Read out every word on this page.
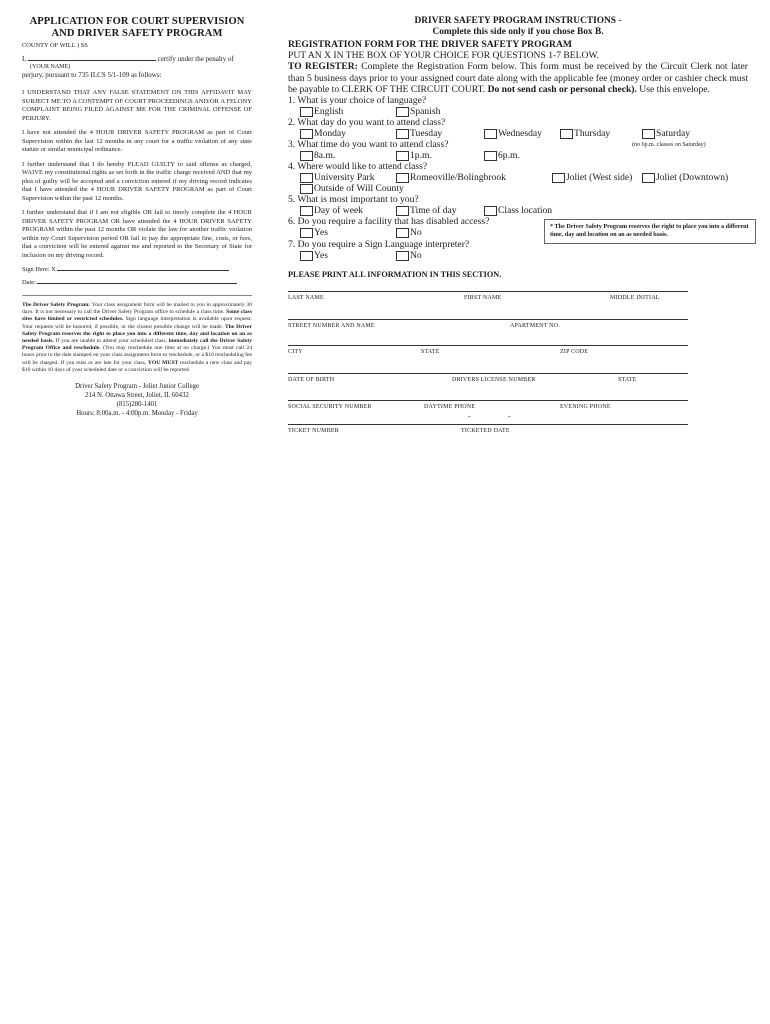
APPLICATION FOR COURT SUPERVISION
AND DRIVER SAFETY PROGRAM
COUNTY OF WILL ) SS
I,	certify under the penalty of
(YOUR NAME)
perjury, pursuant to 735 ILCS 5/1-109 as follows:
I UNDERSTAND THAT ANY FALSE STATEMENT ON THIS AFFIDAVIT MAY SUBJECT ME TO A CONTEMPT OF COURT PROCEEDINGS AND/OR A FELONY COMPLAINT BEING FILED AGAINST ME FOR THE CRIMINAL OFFENSE OF PERJURY.
I have not attended the 4 HOUR DRIVER SAFETY PROGRAM as part of Court Supervision within the last 12 months in any court for a traffic violation of any state statute or similar municipal ordinance.
I further understand that I do hereby PLEAD GUILTY to said offense as charged, WAIVE my constitutional rights as set forth in the traffic charge received AND that my plea of guilty will be accepted and a conviction entered if my driving record indicates that I have attended the 4 HOUR DRIVER SAFETY PROGRAM as part of Court Supervision within the past 12 months.
I further understand that if I am not eligible OR fail to timely complete the 4 HOUR DRIVER SAFETY PROGRAM OR have attended the 4 HOUR DRIVER SAFETY PROGRAM within the past 12 months OR violate the law for another traffic violation within my Court Supervision period OR fail to pay the appropriate fine, costs, or fees, that a conviction will be entered against me and reported to the Secretary of State for inclusion on my driving record.
Sign Here: X
Date:
The Driver Safety Program: Your class assignment form will be mailed to you in approximately 30 days. It is not necessary to call the Driver Safety Program office to schedule a class time. Some class sites have limited or restricted schedules. Sign language interpretation is available upon request. Your requests will be honored, if possible, or the closest possible change will be made. The Driver Safety Program reserves the right to place you into a different time, day and location on an as needed basis. If you are unable to attend your scheduled class, immediately call the Driver Safety Program Office and reschedule. (You may reschedule one time at no charge.) You must call 24 hours prior to the date stamped on your class assignment form to reschedule, or a $10 rescheduling fee will be charged. If you miss or are late for your class, YOU MUST reschedule a new class and pay $10 within 10 days of your scheduled date or a conviction will be reported.
Driver Safety Program - Joliet Junior College
214 N. Ottawa Street, Joliet, IL 60432
(815)280-1401
Hours: 8:00a.m. - 4:00p.m. Monday - Friday
DRIVER SAFETY PROGRAM INSTRUCTIONS -
Complete this side only if you chose Box B.
REGISTRATION FORM FOR THE DRIVER SAFETY PROGRAM
PUT AN X IN THE BOX OF YOUR CHOICE FOR QUESTIONS 1-7 BELOW.
TO REGISTER: Complete the Registration Form below. This form must be received by the Circuit Clerk not later than 5 business days prior to your assigned court date along with the applicable fee (money order or cashier check must be payable to CLERK OF THE CIRCUIT COURT. Do not send cash or personal check). Use this envelope.
1. What is your choice of language?
English	Spanish
2. What day do you want to attend class?
Monday	Tuesday	Wednesday	Thursday	Saturday
3. What time do you want to attend class?	(no 6p.m. classes on Saturday)
8a.m.	1p.m.	6p.m.
4. Where would like to attend class?
University Park	Romeoville/Bolingbrook	Joliet (West side)	Joliet (Downtown)
Outside of Will County
5. What is most important to you?
Day of week	Time of day	Class location
6. Do you require a facility that has disabled access?
Yes	No
7. Do you require a Sign Language interpreter?
Yes	No
* The Driver Safety Program reserves the right to place you into a different time, day and location on an as needed basis.
PLEASE PRINT ALL INFORMATION IN THIS SECTION.
LAST NAME	FIRST NAME	MIDDLE INITIAL
STREET NUMBER AND NAME	APARTMENT NO.
CITY	STATE	ZIP CODE
DATE OF BIRTH	DRIVERS LICENSE NUMBER	STATE
SOCIAL SECURITY NUMBER	DAYTIME PHONE	EVENING PHONE
-	-
TICKET NUMBER	TICKETED DATE
